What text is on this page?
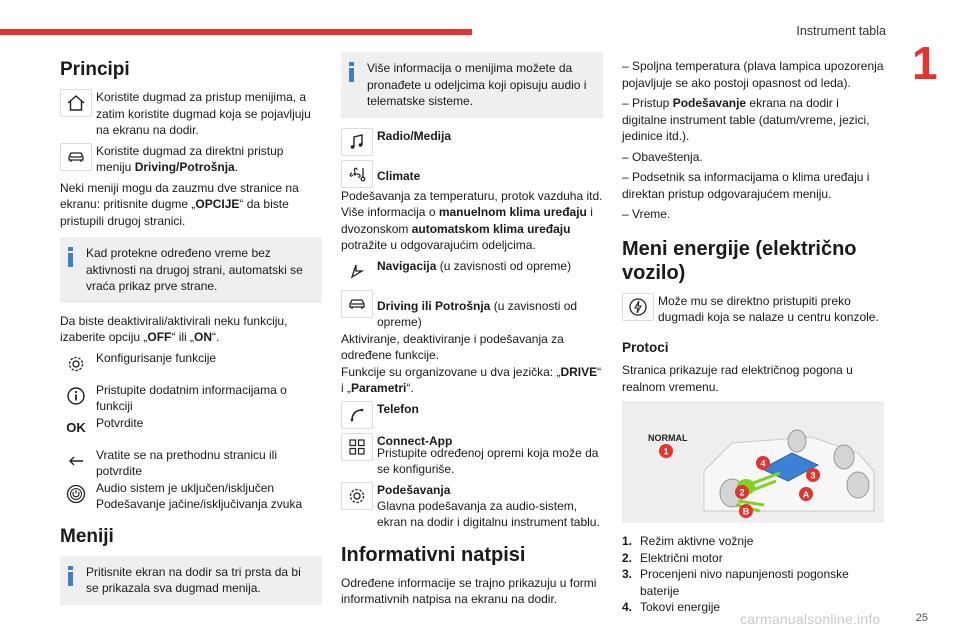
Instrument tabla
1
Principi

Koristite dugmad za pristup menijima, a zatim koristite dugmad koja se pojavljuju na ekranu na dodir.

Koristite dugmad za direktni pristup meniju Driving/Potrošnja.

Neki meniji mogu da zauzmu dve stranice na ekranu: pritisnite dugme „OPCIJE“ da biste pristupili drugoj stranici.

Kad protekne određeno vreme bez aktivnosti na drugoj strani, automatski se vraća prikaz prve strane.

Da biste deaktivirali/aktivirali neku funkciju, izaberite opciju „OFF“ ili „ON“.

Konfigurisanje funkcije

Pristupite dodatnim informacijama o funkciji

OK Potvrdite

Vratite se na prethodnu stranicu ili potvrdite

Audio sistem je uključen/isključen

Podešavanje jačine/isključivanja zvuka

Meniji

Pritisnite ekran na dodir sa tri prsta da bi se prikazala sva dugmad menija.

Više informacija o menijima možete da pronađete u odeljcima koji opisuju audio i telematske sisteme.

Radio/Medija

Climate

Podešavanja za temperaturu, protok vazduha itd.

Više informacija o manuelnom klima uređaju i dvozonskom automatskom klima uređaju potražite u odgovarajućim odeljcima.

Navigacija (u zavisnosti od opreme)

Driving ili Potrošnja (u zavisnosti od opreme)

Aktiviranje, deaktiviranje i podešavanja za određene funkcije.

Funkcije su organizovane u dva jezička: „DRIVE“ i „Parametri“.

Telefon

Connect-App

Pristupite određenoj opremi koja može da se konfiguriše.

Podešavanja

Glavna podešavanja za audio-sistem, ekran na dodir i digitalnu instrument tablu.

Informativni natpisi

Određene informacije se trajno prikazuju u formi informativnih natpisa na ekranu na dodir.

– Spoljna temperatura (plava lampica upozorenja pojavljuje se ako postoji opasnost od leda).

– Pristup Podešavanje ekrana na dodir i digitalne instrument table (datum/vreme, jezici, jedinice itd.).

– Obaveštenja.

– Podsetnik sa informacijama o klima uređaju i direktan pristup odgovarajućem meniju.

– Vreme.

Meni energije (električno vozilo)

Može mu se direktno pristupiti preko dugmadi koja se nalaze u centru konzole.

Protoci

Stranica prikazuje rad električnog pogona u realnom vremenu.

NORMAL
1
2
3
4
A
B
1. Režim aktivne vožnje
2. Električni motor
3. Procenjeni nivo napunjenosti pogonske baterije
4. Tokovi energije
carmanualsonline.info	25
